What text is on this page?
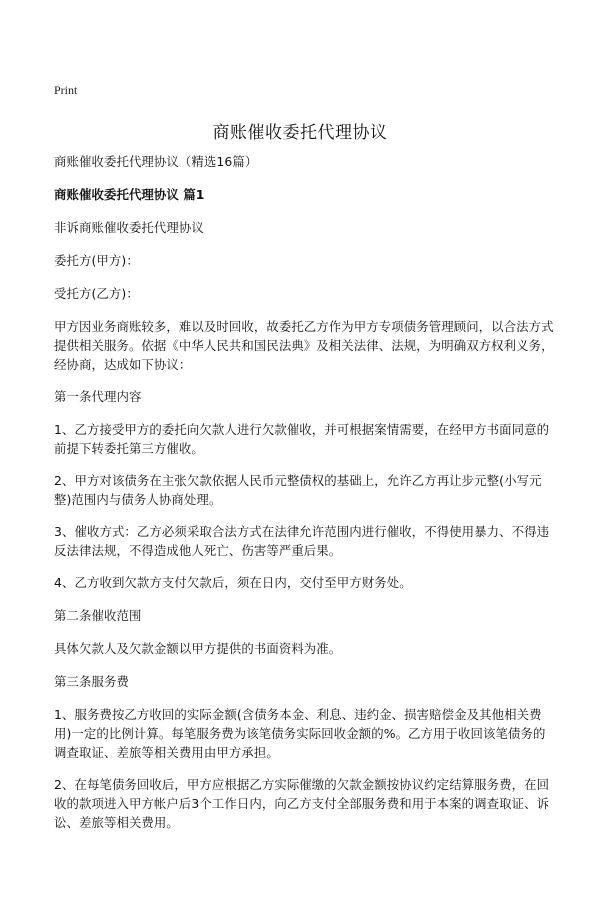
Print
商账催收委托代理协议

商账催收委托代理协议（精选16篇）

商账催收委托代理协议 篇1

非诉商账催收委托代理协议

委托方(甲方)：

受托方(乙方)：

甲方因业务商账较多，难以及时回收，故委托乙方作为甲方专项债务管理顾问，以合法方式提供相关服务。依据《中华人民共和国民法典》及相关法律、法规，为明确双方权利义务，经协商，达成如下协议：

第一条代理内容

1、乙方接受甲方的委托向欠款人进行欠款催收，并可根据案情需要，在经甲方书面同意的前提下转委托第三方催收。

2、甲方对该债务在主张欠款依据人民币元整债权的基础上，允许乙方再让步元整(小写元整)范围内与债务人协商处理。

3、催收方式：乙方必须采取合法方式在法律允许范围内进行催收，不得使用暴力、不得违反法律法规，不得造成他人死亡、伤害等严重后果。

4、乙方收到欠款方支付欠款后，须在日内，交付至甲方财务处。

第二条催收范围

具体欠款人及欠款金额以甲方提供的书面资料为准。

第三条服务费

1、服务费按乙方收回的实际金额(含债务本金、利息、违约金、损害赔偿金及其他相关费用)一定的比例计算。每笔服务费为该笔债务实际回收金额的%。乙方用于收回该笔债务的调查取证、差旅等相关费用由甲方承担。

2、在每笔债务回收后，甲方应根据乙方实际催缴的欠款金额按协议约定结算服务费，在回收的款项进入甲方帐户后3个工作日内，向乙方支付全部服务费和用于本案的调查取证、诉讼、差旅等相关费用。
